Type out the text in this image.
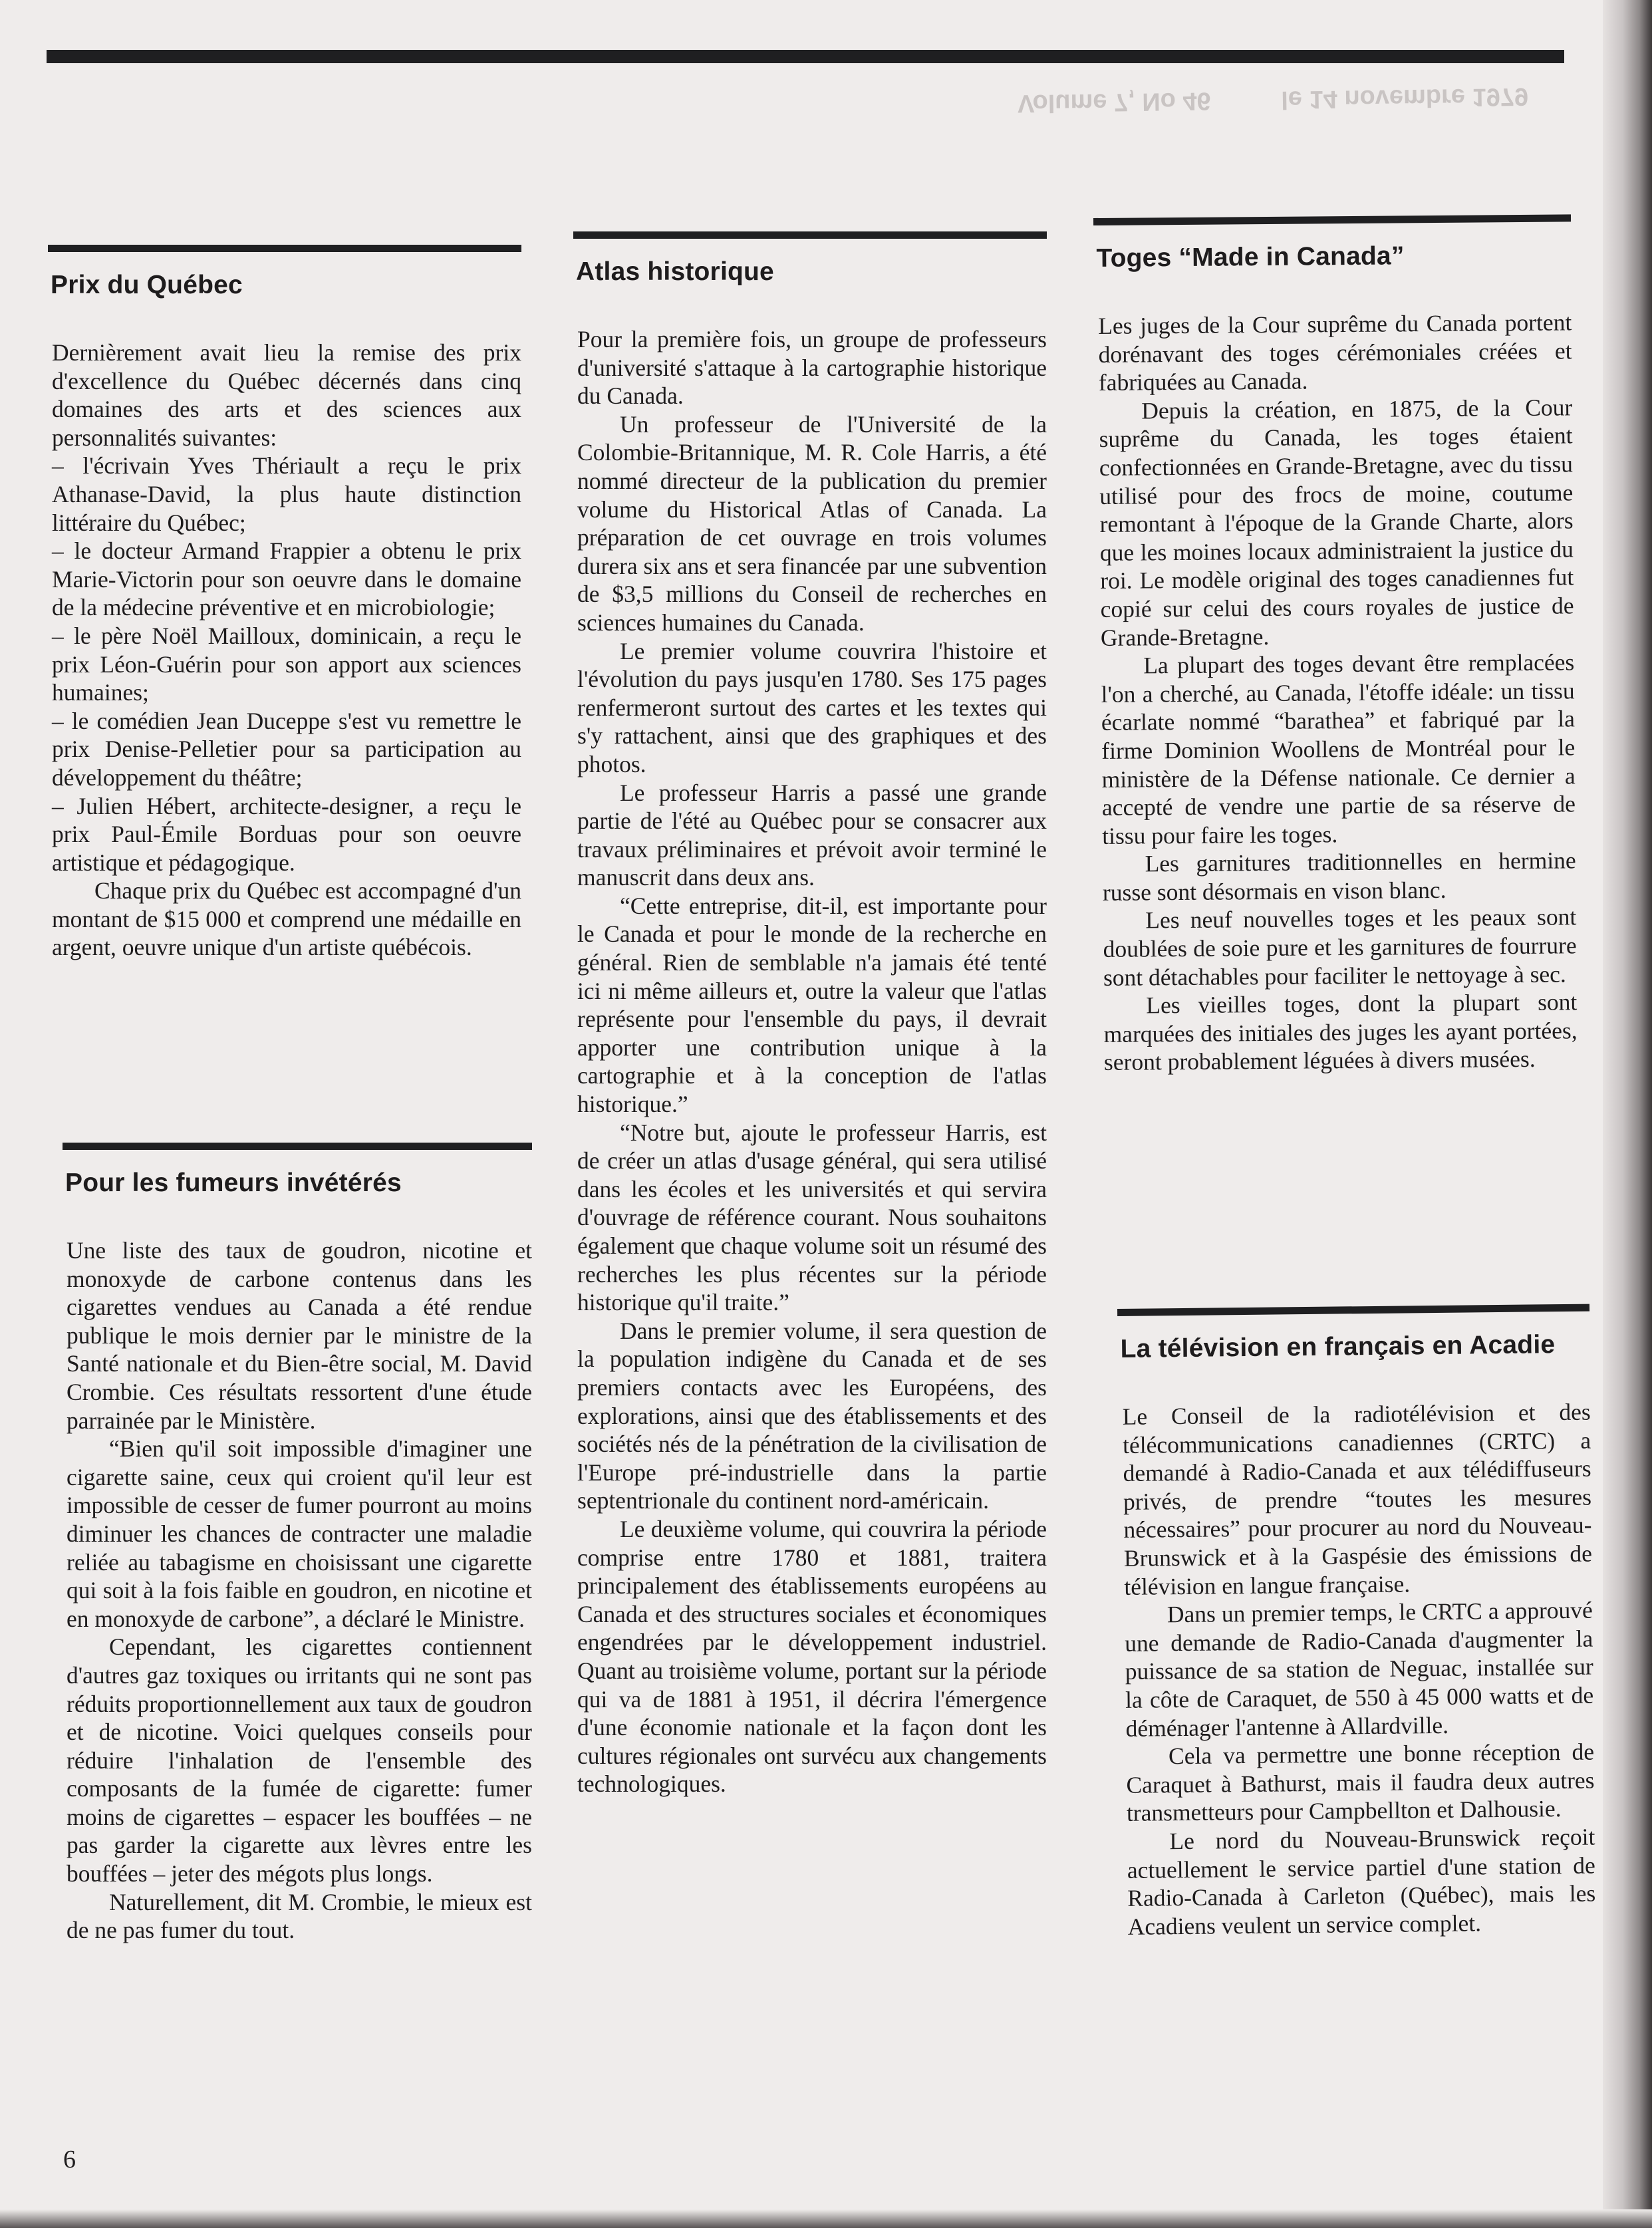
Volume 7, No 46          le 14 novembre 1979
Prix du Québec

Dernièrement avait lieu la remise des prix d'excellence du Québec décernés dans cinq domaines des arts et des sciences aux personnalités suivantes:

– l'écrivain Yves Thériault a reçu le prix Athanase-David, la plus haute distinction littéraire du Québec;

– le docteur Armand Frappier a obtenu le prix Marie-Victorin pour son oeuvre dans le domaine de la médecine préventive et en microbiologie;

– le père Noël Mailloux, dominicain, a reçu le prix Léon-Guérin pour son apport aux sciences humaines;

– le comédien Jean Duceppe s'est vu remettre le prix Denise-Pelletier pour sa participation au développement du théâtre;

– Julien Hébert, architecte-designer, a reçu le prix Paul-Émile Borduas pour son oeuvre artistique et pédagogique.

Chaque prix du Québec est accompagné d'un montant de $15 000 et comprend une médaille en argent, oeuvre unique d'un artiste québécois.

Pour les fumeurs invétérés

Une liste des taux de goudron, nicotine et monoxyde de carbone contenus dans les cigarettes vendues au Canada a été rendue publique le mois dernier par le ministre de la Santé nationale et du Bien-être social, M. David Crombie. Ces résultats ressortent d'une étude parrainée par le Ministère.

“Bien qu'il soit impossible d'imaginer une cigarette saine, ceux qui croient qu'il leur est impossible de cesser de fumer pourront au moins diminuer les chances de contracter une maladie reliée au tabagisme en choisissant une cigarette qui soit à la fois faible en goudron, en nicotine et en monoxyde de carbone”, a déclaré le Ministre.

Cependant, les cigarettes contiennent d'autres gaz toxiques ou irritants qui ne sont pas réduits proportionnellement aux taux de goudron et de nicotine. Voici quelques conseils pour réduire l'inhalation de l'ensemble des composants de la fumée de cigarette: fumer moins de cigarettes – espacer les bouffées – ne pas garder la cigarette aux lèvres entre les bouffées – jeter des mégots plus longs.

Naturellement, dit M. Crombie, le mieux est de ne pas fumer du tout.

Atlas historique

Pour la première fois, un groupe de professeurs d'université s'attaque à la cartographie historique du Canada.

Un professeur de l'Université de la Colombie-Britannique, M. R. Cole Harris, a été nommé directeur de la publication du premier volume du Historical Atlas of Canada. La préparation de cet ouvrage en trois volumes durera six ans et sera financée par une subvention de $3,5 millions du Conseil de recherches en sciences humaines du Canada.

Le premier volume couvrira l'histoire et l'évolution du pays jusqu'en 1780. Ses 175 pages renfermeront surtout des cartes et les textes qui s'y rattachent, ainsi que des graphiques et des photos.

Le professeur Harris a passé une grande partie de l'été au Québec pour se consacrer aux travaux préliminaires et prévoit avoir terminé le manuscrit dans deux ans.

“Cette entreprise, dit-il, est importante pour le Canada et pour le monde de la recherche en général. Rien de semblable n'a jamais été tenté ici ni même ailleurs et, outre la valeur que l'atlas représente pour l'ensemble du pays, il devrait apporter une contribution unique à la cartographie et à la conception de l'atlas historique.”

“Notre but, ajoute le professeur Harris, est de créer un atlas d'usage général, qui sera utilisé dans les écoles et les universités et qui servira d'ouvrage de référence courant. Nous souhaitons également que chaque volume soit un résumé des recherches les plus récentes sur la période historique qu'il traite.”

Dans le premier volume, il sera question de la population indigène du Canada et de ses premiers contacts avec les Européens, des explorations, ainsi que des établissements et des sociétés nés de la pénétration de la civilisation de l'Europe pré-industrielle dans la partie septentrionale du continent nord-américain.

Le deuxième volume, qui couvrira la période comprise entre 1780 et 1881, traitera principalement des établissements européens au Canada et des structures sociales et économiques engendrées par le développement industriel. Quant au troisième volume, portant sur la période qui va de 1881 à 1951, il décrira l'émergence d'une économie nationale et la façon dont les cultures régionales ont survécu aux changements technologiques.

Toges “Made in Canada”

Les juges de la Cour suprême du Canada portent dorénavant des toges cérémoniales créées et fabriquées au Canada.

Depuis la création, en 1875, de la Cour suprême du Canada, les toges étaient confectionnées en Grande-Bretagne, avec du tissu utilisé pour des frocs de moine, coutume remontant à l'époque de la Grande Charte, alors que les moines locaux administraient la justice du roi. Le modèle original des toges canadiennes fut copié sur celui des cours royales de justice de Grande-Bretagne.

La plupart des toges devant être remplacées l'on a cherché, au Canada, l'étoffe idéale: un tissu écarlate nommé “barathea” et fabriqué par la firme Dominion Woollens de Montréal pour le ministère de la Défense nationale. Ce dernier a accepté de vendre une partie de sa réserve de tissu pour faire les toges.

Les garnitures traditionnelles en hermine russe sont désormais en vison blanc.

Les neuf nouvelles toges et les peaux sont doublées de soie pure et les garnitures de fourrure sont détachables pour faciliter le nettoyage à sec.

Les vieilles toges, dont la plupart sont marquées des initiales des juges les ayant portées, seront probablement léguées à divers musées.

La télévision en français en Acadie

Le Conseil de la radiotélévision et des télécommunications canadiennes (CRTC) a demandé à Radio-Canada et aux télédiffuseurs privés, de prendre “toutes les mesures nécessaires” pour procurer au nord du Nouveau-Brunswick et à la Gaspésie des émissions de télévision en langue française.

Dans un premier temps, le CRTC a approuvé une demande de Radio-Canada d'augmenter la puissance de sa station de Neguac, installée sur la côte de Caraquet, de 550 à 45 000 watts et de déménager l'antenne à Allardville.

Cela va permettre une bonne réception de Caraquet à Bathurst, mais il faudra deux autres transmetteurs pour Campbellton et Dalhousie.

Le nord du Nouveau-Brunswick reçoit actuellement le service partiel d'une station de Radio-Canada à Carleton (Québec), mais les Acadiens veulent un service complet.

6
